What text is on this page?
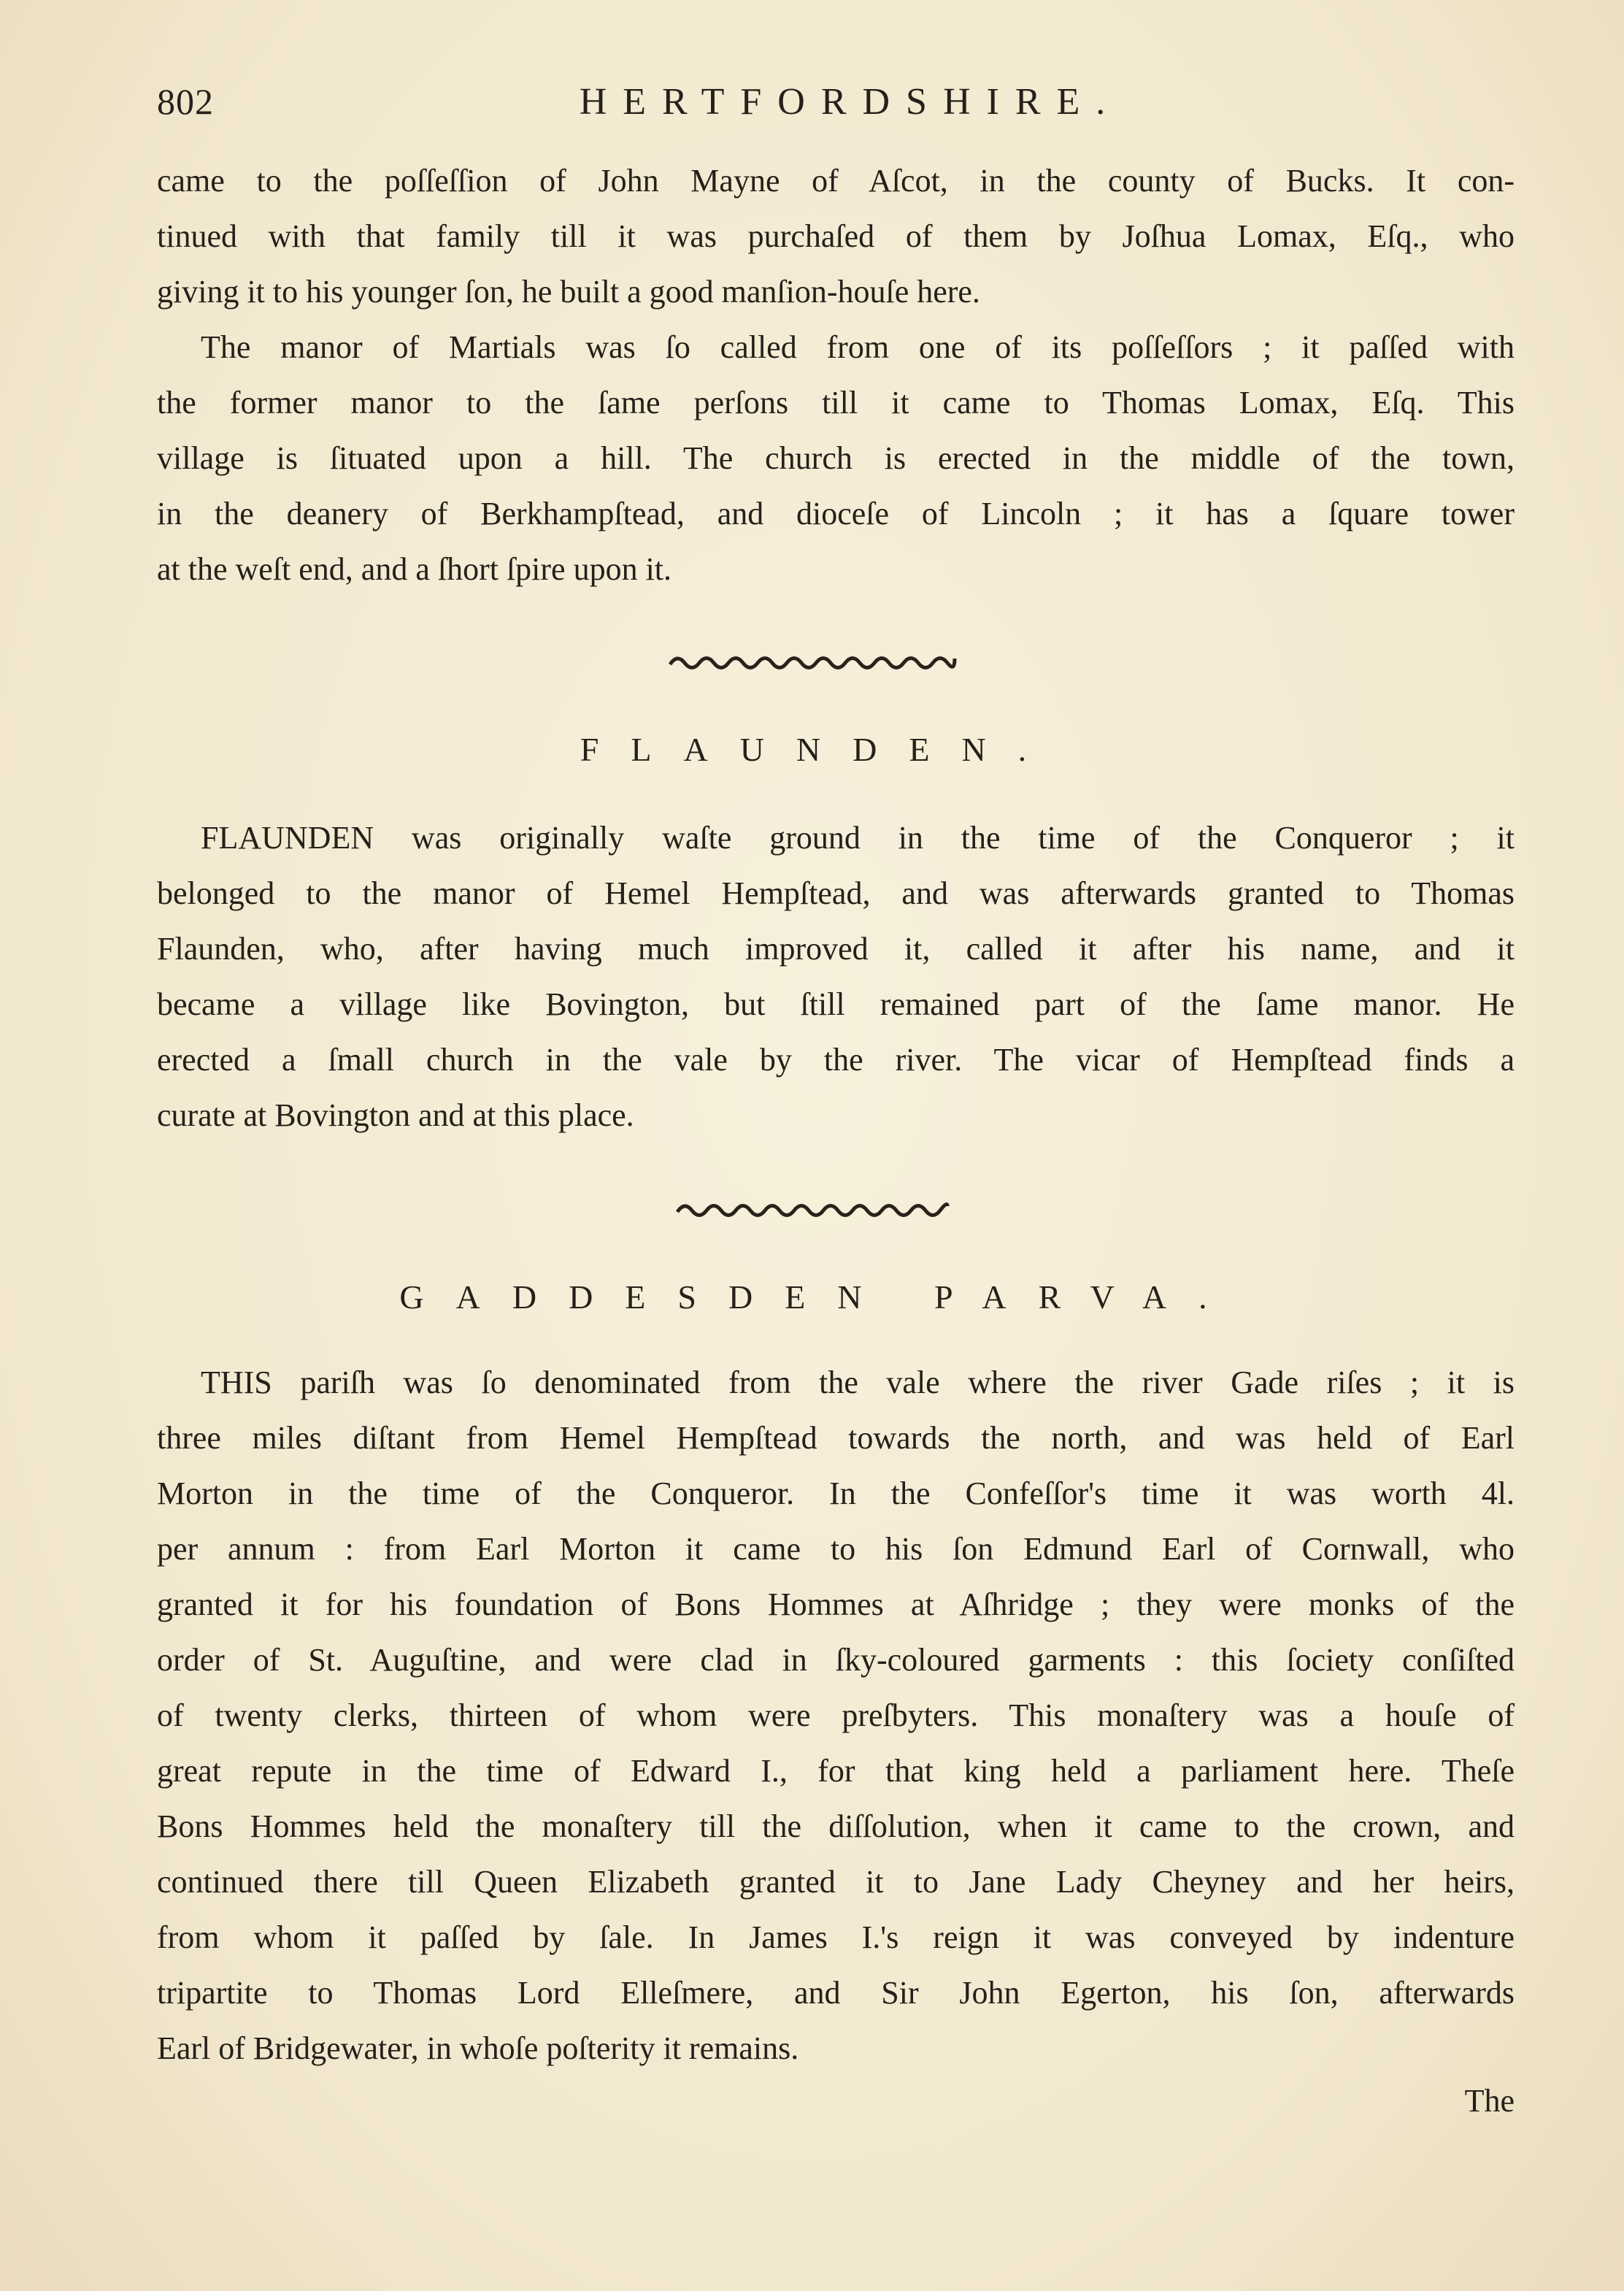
802	HERTFORDSHIRE.
came to the poſſeſſion of John Mayne of Aſcot, in the county of Bucks. It con-
tinued with that family till it was purchaſed of them by Joſhua Lomax, Eſq., who
giving it to his younger ſon, he built a good manſion-houſe here.
The manor of Martials was ſo called from one of its poſſeſſors ; it paſſed with
the former manor to the ſame perſons till it came to Thomas Lomax, Eſq. This
village is ſituated upon a hill. The church is erected in the middle of the town,
in the deanery of Berkhampſtead, and dioceſe of Lincoln ; it has a ſquare tower
at the weſt end, and a ſhort ſpire upon it.
FLAUNDEN.
FLAUNDEN was originally waſte ground in the time of the Conqueror ; it
belonged to the manor of Hemel Hempſtead, and was afterwards granted to Thomas
Flaunden, who, after having much improved it, called it after his name, and it
became a village like Bovington, but ſtill remained part of the ſame manor. He
erected a ſmall church in the vale by the river. The vicar of Hempſtead finds a
curate at Bovington and at this place.
GADDESDEN PARVA.
THIS pariſh was ſo denominated from the vale where the river Gade riſes ; it is
three miles diſtant from Hemel Hempſtead towards the north, and was held of Earl
Morton in the time of the Conqueror. In the Confeſſor's time it was worth 4l.
per annum : from Earl Morton it came to his ſon Edmund Earl of Cornwall, who
granted it for his foundation of Bons Hommes at Aſhridge ; they were monks of the
order of St. Auguſtine, and were clad in ſky-coloured garments : this ſociety conſiſted
of twenty clerks, thirteen of whom were preſbyters. This monaſtery was a houſe of
great repute in the time of Edward I., for that king held a parliament here. Theſe
Bons Hommes held the monaſtery till the diſſolution, when it came to the crown, and
continued there till Queen Elizabeth granted it to Jane Lady Cheyney and her heirs,
from whom it paſſed by ſale. In James I.'s reign it was conveyed by indenture
tripartite to Thomas Lord Elleſmere, and Sir John Egerton, his ſon, afterwards
Earl of Bridgewater, in whoſe poſterity it remains.
The
